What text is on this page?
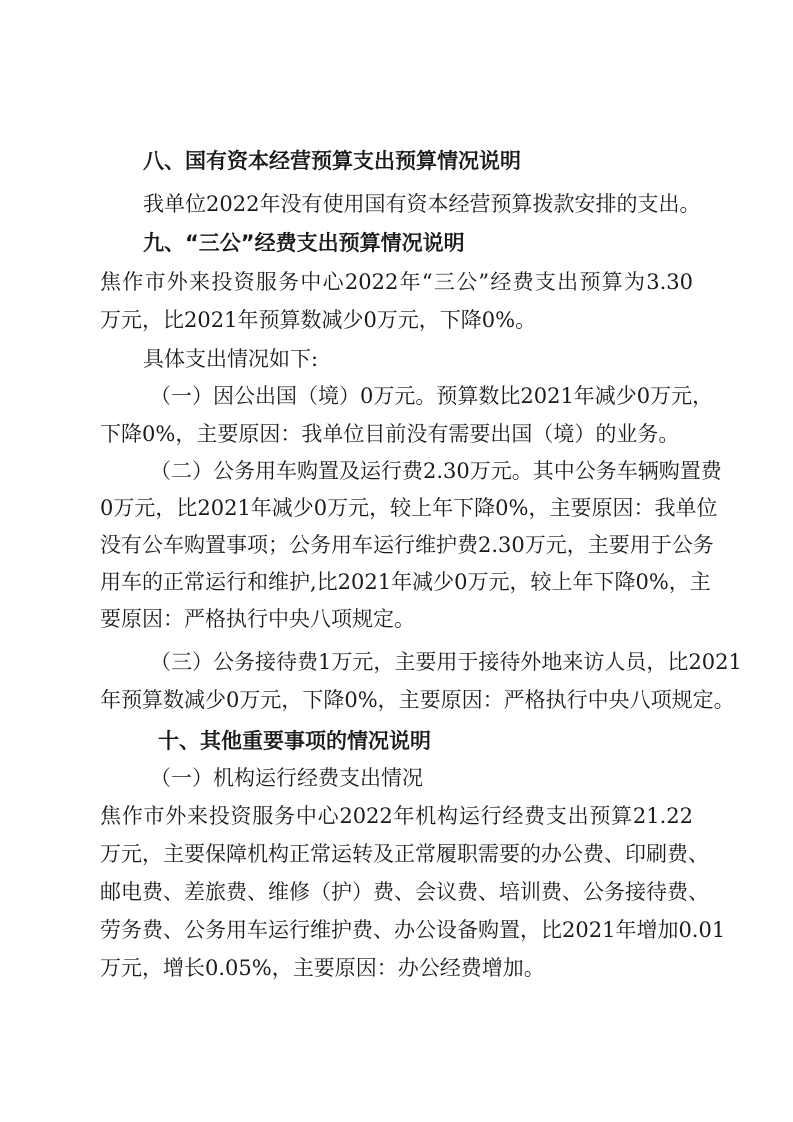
八、国有资本经营预算支出预算情况说明
我单位2022年没有使用国有资本经营预算拨款安排的支出。
九、“三公”经费支出预算情况说明
焦作市外来投资服务中心2022年“三公”经费支出预算为3.30
万元，比2021年预算数减少0万元，下降0%。
具体支出情况如下:
（一）因公出国（境）0万元。预算数比2021年减少0万元，
下降0%，主要原因：我单位目前没有需要出国（境）的业务。
（二）公务用车购置及运行费2.30万元。其中公务车辆购置费
0万元，比2021年减少0万元，较上年下降0%，主要原因：我单位
没有公车购置事项；公务用车运行维护费2.30万元，主要用于公务
用车的正常运行和维护,比2021年减少0万元，较上年下降0%，主
要原因：严格执行中央八项规定。
（三）公务接待费1万元，主要用于接待外地来访人员，比2021
年预算数减少0万元，下降0%，主要原因：严格执行中央八项规定。
十、其他重要事项的情况说明
（一）机构运行经费支出情况
焦作市外来投资服务中心2022年机构运行经费支出预算21.22
万元，主要保障机构正常运转及正常履职需要的办公费、印刷费、
邮电费、差旅费、维修（护）费、会议费、培训费、公务接待费、
劳务费、公务用车运行维护费、办公设备购置，比2021年增加0.01
万元，增长0.05%，主要原因：办公经费增加。
